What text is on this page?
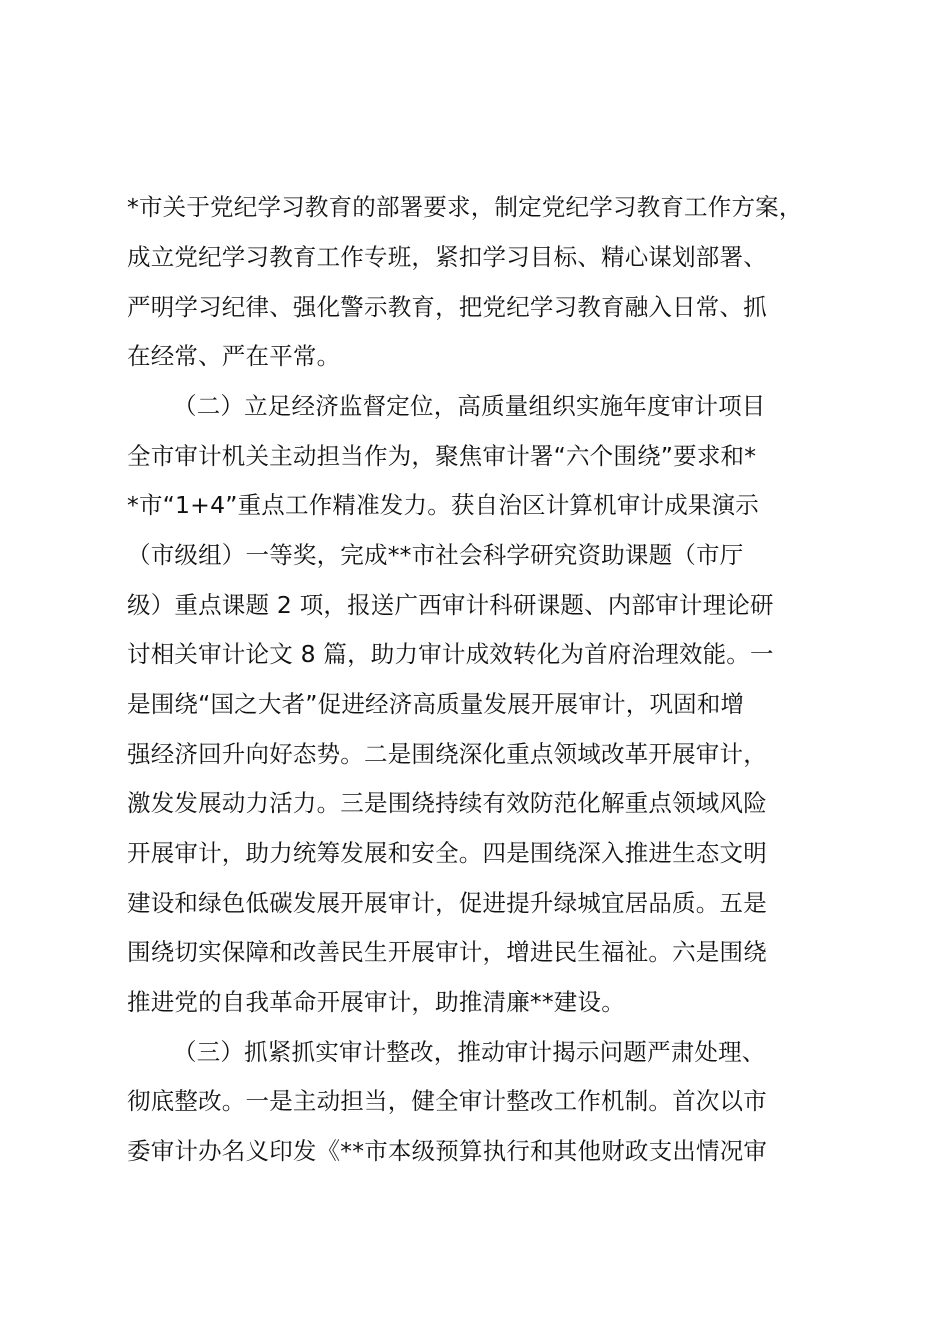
*市关于党纪学习教育的部署要求，制定党纪学习教育工作方案，
成立党纪学习教育工作专班，紧扣学习目标、精心谋划部署、
严明学习纪律、强化警示教育，把党纪学习教育融入日常、抓
在经常、严在平常。
（二）立足经济监督定位，高质量组织实施年度审计项目
全市审计机关主动担当作为，聚焦审计署“六个围绕”要求和*
*市“1+4”重点工作精准发力。获自治区计算机审计成果演示
（市级组）一等奖，完成**市社会科学研究资助课题（市厅
级）重点课题 2 项，报送广西审计科研课题、内部审计理论研
讨相关审计论文 8 篇，助力审计成效转化为首府治理效能。一
是围绕“国之大者”促进经济高质量发展开展审计，巩固和增
强经济回升向好态势。二是围绕深化重点领域改革开展审计，
激发发展动力活力。三是围绕持续有效防范化解重点领域风险
开展审计，助力统筹发展和安全。四是围绕深入推进生态文明
建设和绿色低碳发展开展审计，促进提升绿城宜居品质。五是
围绕切实保障和改善民生开展审计，增进民生福祉。六是围绕
推进党的自我革命开展审计，助推清廉**建设。
（三）抓紧抓实审计整改，推动审计揭示问题严肃处理、
彻底整改。一是主动担当，健全审计整改工作机制。首次以市
委审计办名义印发《**市本级预算执行和其他财政支出情况审
